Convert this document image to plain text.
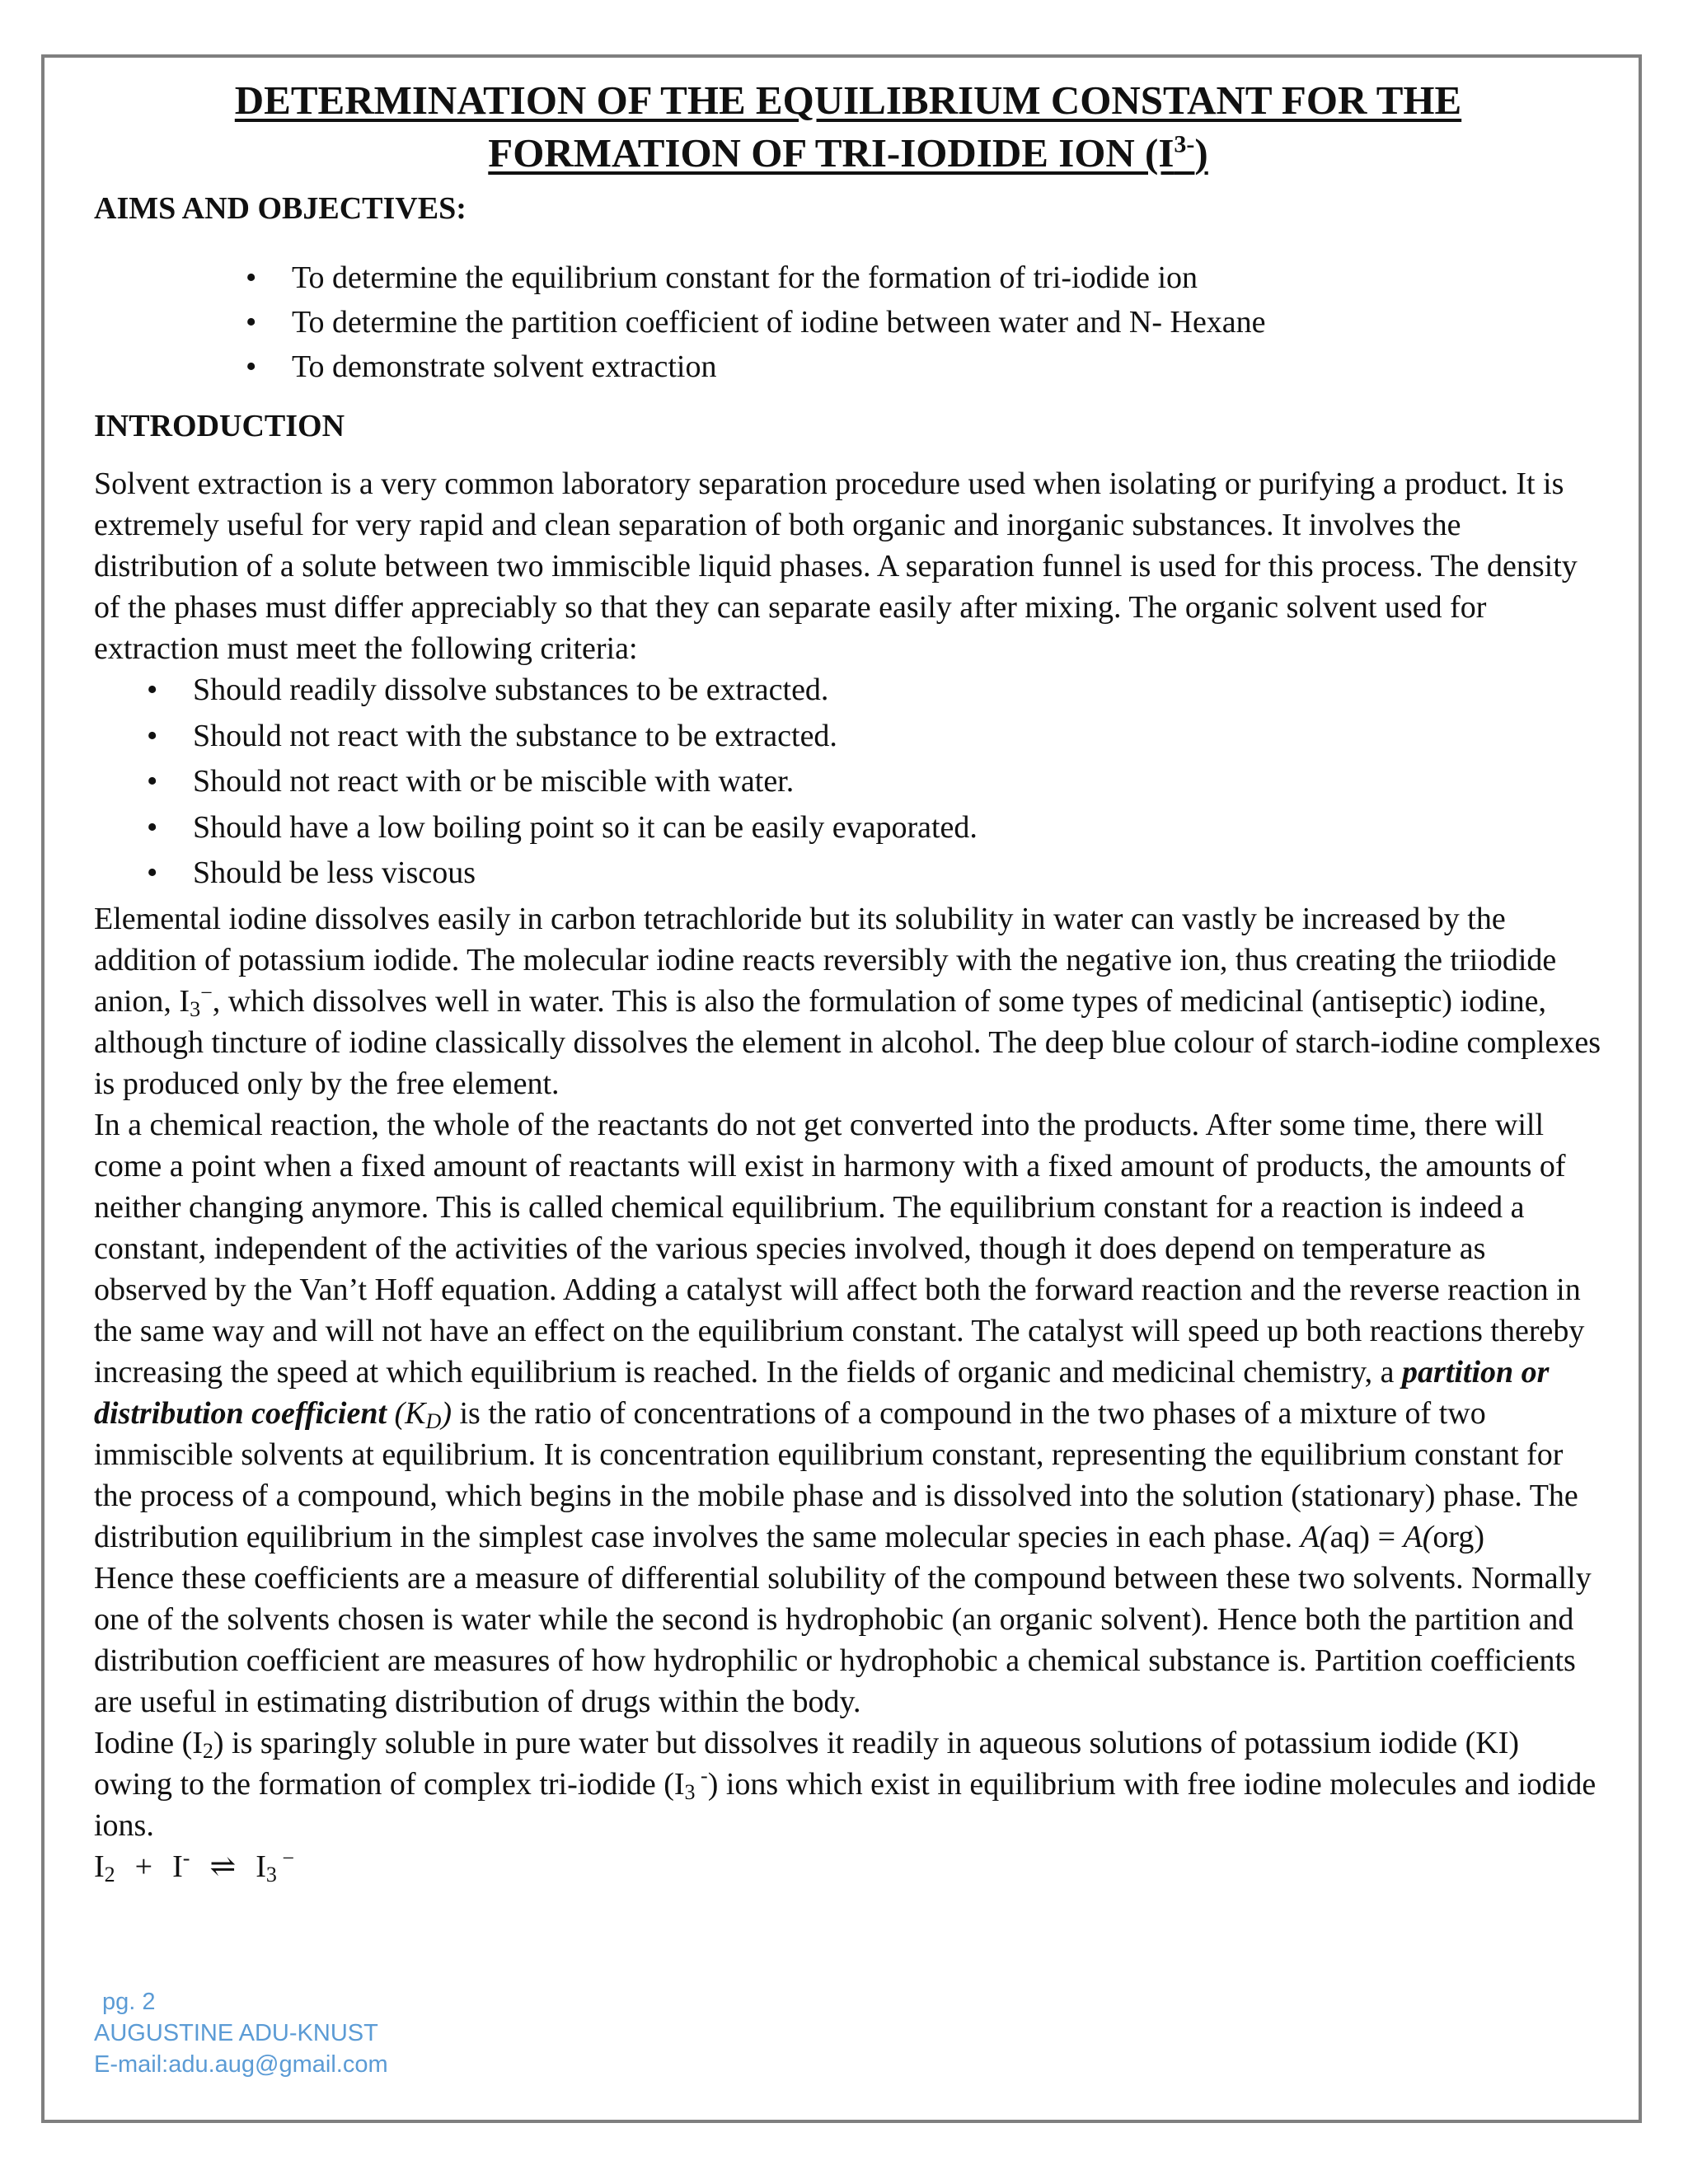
DETERMINATION OF THE EQUILIBRIUM CONSTANT FOR THE
FORMATION OF TRI-IODIDE ION $(I^{3-})$

AIMS AND OBJECTIVES:

• To determine the equilibrium constant for the formation of tri-iodide ion
• To determine the partition coefficient of iodine between water and N- Hexane
• To demonstrate solvent extraction

INTRODUCTION

Solvent extraction is a very common laboratory separation procedure used when isolating or purifying a product. It is extremely useful for very rapid and clean separation of both organic and inorganic substances. It involves the distribution of a solute between two immiscible liquid phases. A separation funnel is used for this process. The density of the phases must differ appreciably so that they can separate easily after mixing. The organic solvent used for extraction must meet the following criteria:

• Should readily dissolve substances to be extracted.
• Should not react with the substance to be extracted.
• Should not react with or be miscible with water.
• Should have a low boiling point so it can be easily evaporated.
• Should be less viscous

Elemental iodine dissolves easily in carbon tetrachloride but its solubility in water can vastly be increased by the addition of potassium iodide. The molecular iodine reacts reversibly with the negative ion, thus creating the triiodide anion, $I_3^-$, which dissolves well in water. This is also the formulation of some types of medicinal (antiseptic) iodine, although tincture of iodine classically dissolves the element in alcohol. The deep blue colour of starch-iodine complexes is produced only by the free element.

In a chemical reaction, the whole of the reactants do not get converted into the products. After some time, there will come a point when a fixed amount of reactants will exist in harmony with a fixed amount of products, the amounts of neither changing anymore. This is called chemical equilibrium. The equilibrium constant for a reaction is indeed a constant, independent of the activities of the various species involved, though it does depend on temperature as observed by the Van’t Hoff equation. Adding a catalyst will affect both the forward reaction and the reverse reaction in the same way and will not have an effect on the equilibrium constant. The catalyst will speed up both reactions thereby increasing the speed at which equilibrium is reached. In the fields of organic and medicinal chemistry, a partition or distribution coefficient $(K_D)$ is the ratio of concentrations of a compound in the two phases of a mixture of two immiscible solvents at equilibrium. It is concentration equilibrium constant, representing the equilibrium constant for the process of a compound, which begins in the mobile phase and is dissolved into the solution (stationary) phase. The distribution equilibrium in the simplest case involves the same molecular species in each phase. A(aq) = A(org)

Hence these coefficients are a measure of differential solubility of the compound between these two solvents. Normally one of the solvents chosen is water while the second is hydrophobic (an organic solvent). Hence both the partition and distribution coefficient are measures of how hydrophilic or hydrophobic a chemical substance is. Partition coefficients are useful in estimating distribution of drugs within the body.

Iodine $(I_2)$ is sparingly soluble in pure water but dissolves it readily in aqueous solutions of potassium iodide (KI) owing to the formation of complex tri-iodide ($I_3$ -) ions which exist in equilibrium with free iodine molecules and iodide ions.

$I_2 + I^-$ ⇌ $I_3$ −

pg. 2
AUGUSTINE ADU-KNUST
E-mail:adu.aug@gmail.com
